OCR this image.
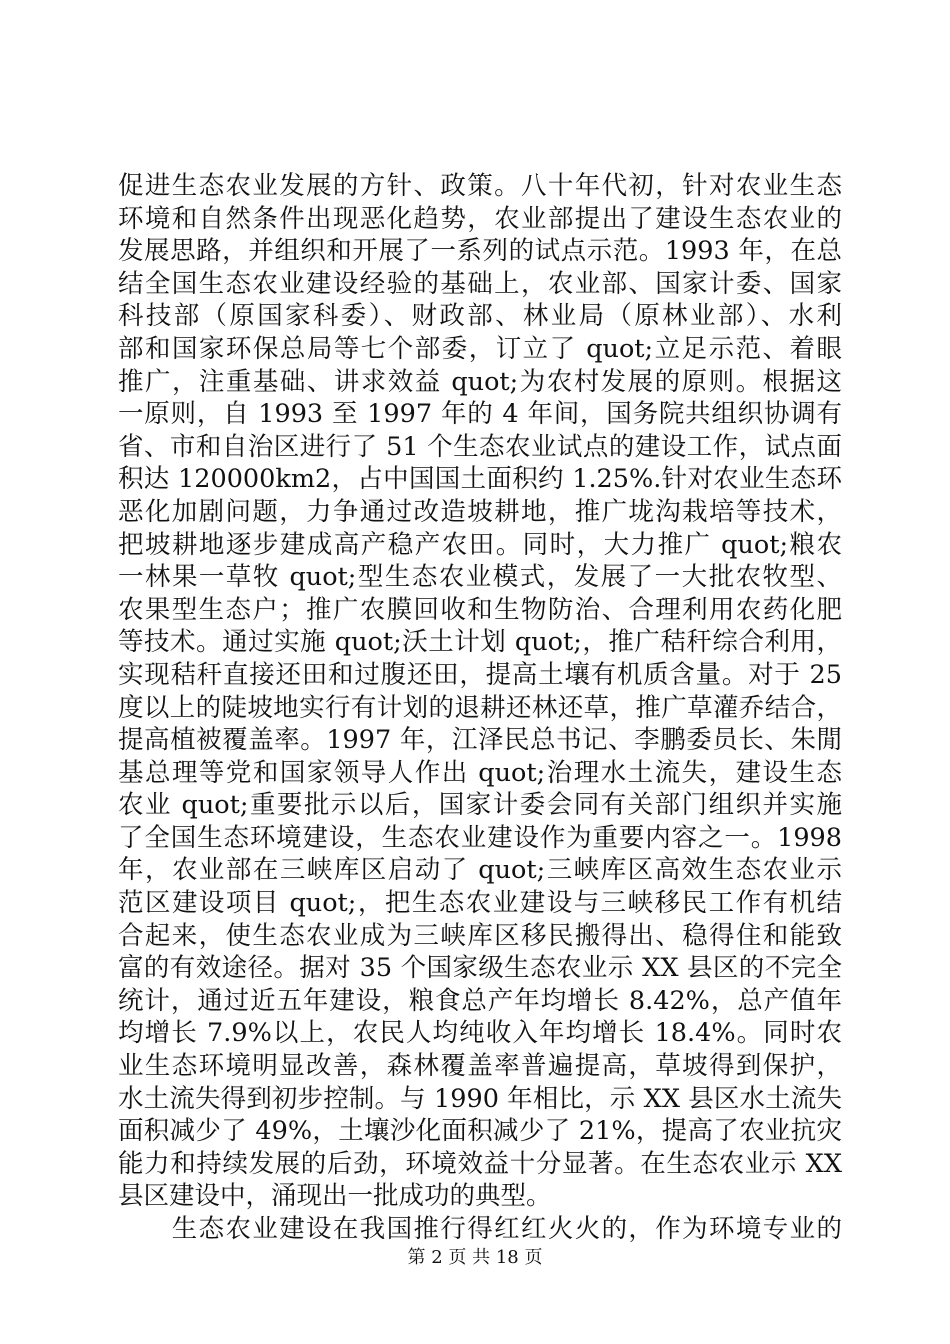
促进生态农业发展的方针、政策。八十年代初，针对农业生态
环境和自然条件出现恶化趋势，农业部提出了建设生态农业的
发展思路，并组织和开展了一系列的试点示范。1993 年，在总
结全国生态农业建设经验的基础上，农业部、国家计委、国家
科技部（原国家科委）、财政部、林业局（原林业部）、水利
部和国家环保总局等七个部委，订立了 quot;立足示范、着眼
推广，注重基础、讲求效益 quot;为农村发展的原则。根据这
一原则，自 1993 至 1997 年的 4 年间，国务院共组织协调有
省、市和自治区进行了 51 个生态农业试点的建设工作，试点面
积达 120000km2，占中国国土面积约 1.25%.针对农业生态环
恶化加剧问题，力争通过改造坡耕地，推广垅沟栽培等技术，
把坡耕地逐步建成高产稳产农田。同时，大力推广 quot;粮农
一林果一草牧 quot;型生态农业模式，发展了一大批农牧型、
农果型生态户；推广农膜回收和生物防治、合理利用农药化肥
等技术。通过实施 quot;沃土计划 quot;，推广秸秆综合利用，
实现秸秆直接还田和过腹还田，提高土壤有机质含量。对于 25
度以上的陡坡地实行有计划的退耕还林还草，推广草灌乔结合，
提高植被覆盖率。1997 年，江泽民总书记、李鹏委员长、朱閒
基总理等党和国家领导人作出 quot;治理水土流失，建设生态
农业 quot;重要批示以后，国家计委会同有关部门组织并实施
了全国生态环境建设，生态农业建设作为重要内容之一。1998
年，农业部在三峡库区启动了 quot;三峡库区高效生态农业示
范区建设项目 quot;，把生态农业建设与三峡移民工作有机结
合起来，使生态农业成为三峡库区移民搬得出、稳得住和能致
富的有效途径。据对 35 个国家级生态农业示 XX 县区的不完全
统计，通过近五年建设，粮食总产年均增长 8.42%，总产值年
均增长 7.9%以上，农民人均纯收入年均增长 18.4%。同时农
业生态环境明显改善，森林覆盖率普遍提高，草坡得到保护，
水土流失得到初步控制。与 1990 年相比，示 XX 县区水土流失
面积减少了 49%，土壤沙化面积减少了 21%，提高了农业抗灾
能力和持续发展的后劲，环境效益十分显著。在生态农业示 XX
县区建设中，涌现出一批成功的典型。
　　生态农业建设在我国推行得红红火火的，作为环境专业的
第 2 页 共 18 页
